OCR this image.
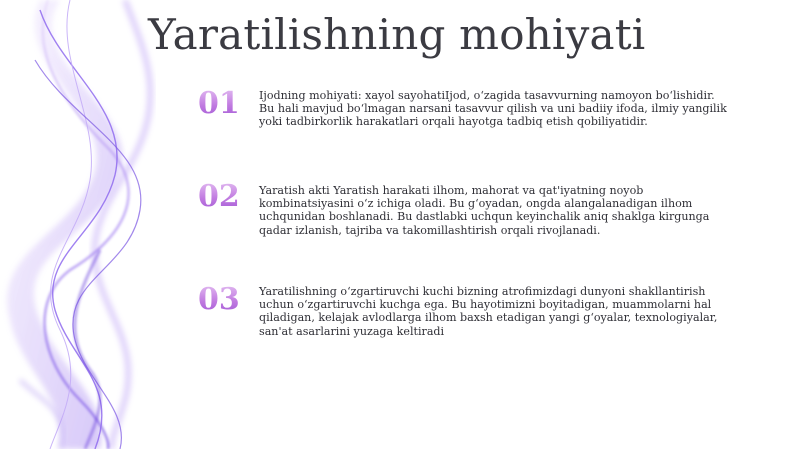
Yaratilishning mohiyati
01 Ijodning mohiyati: xayol sayohatiIjod, o‘zagida tasavvurning namoyon bo‘lishidir. Bu hali mavjud bo‘lmagan narsani tasavvur qilish va uni badiiy ifoda, ilmiy yangilik yoki tadbirkorlik harakatlari orqali hayotga tadbiq etish qobiliyatidir.
02 Yaratish akti Yaratish harakati ilhom, mahorat va qat'iyatning noyob kombinatsiyasini o‘z ichiga oladi. Bu g‘oyadan, ongda alangalanadigan ilhom uchqunidan boshlanadi. Bu dastlabki uchqun keyinchalik aniq shaklga kirgunga qadar izlanish, tajriba va takomillashtirish orqali rivojlanadi.
03 Yaratilishning o‘zgartiruvchi kuchi bizning atrofimizdagi dunyoni shakllantirish uchun o‘zgartiruvchi kuchga ega. Bu hayotimizni boyitadigan, muammolarni hal qiladigan, kelajak avlodlarga ilhom baxsh etadigan yangi g‘oyalar, texnologiyalar, san'at asarlarini yuzaga keltiradi
